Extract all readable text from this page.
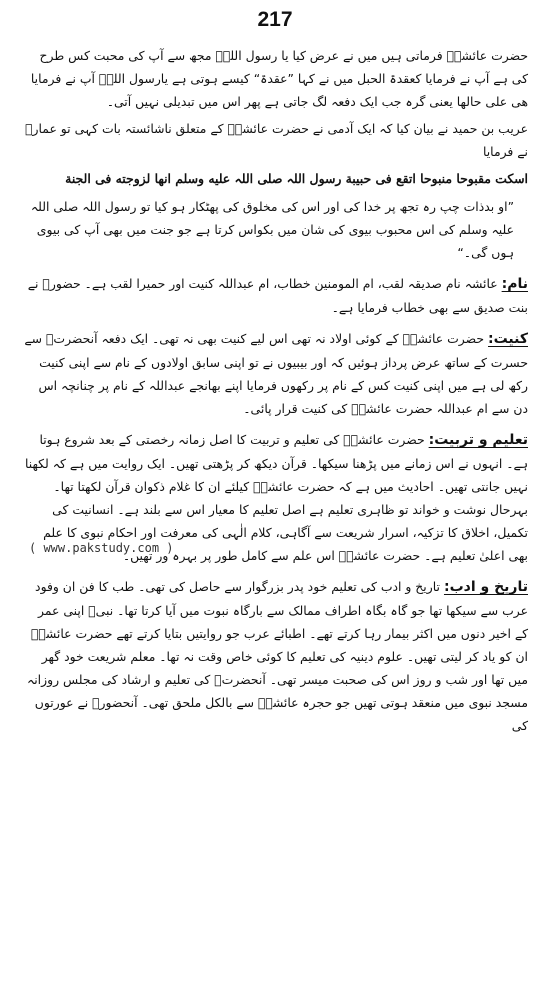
217

حضرت عائشہؓ فرماتی ہیں میں نے عرض کیا یا رسول اللہؐ مجھ سے آپ کی محبت کس طرح کی ہے آپ نے فرمایا کعقدۃ الحبل میں نے کہا ”عقدۃ“ کیسے ہوتی ہے یارسول اللہؐ آپ نے فرمایا ھی علی حالھا یعنی گرہ جب ایک دفعہ لگ جاتی ہے پھر اس میں تبدیلی نہیں آتی۔

عریب بن حمید نے بیان کیا کہ ایک آدمی نے حضرت عائشہؓ کے متعلق ناشائستہ بات کہی تو عمارؓ نے فرمایا

اسکت مقبوحا منبوحا اتقع فی حبیبة رسول اللہ صلی اللہ علیه وسلم انها لزوجته فی الجنة

”او بدذات چپ رہ تجھ پر خدا کی اور اس کی مخلوق کی پھٹکار ہو کیا تو رسول اللہ صلی اللہ علیہ وسلم کی اس محبوب بیوی کی شان میں بکواس کرتا ہے جو جنت میں بھی آپ کی بیوی ہوں گی۔“

نام:عائشہ نام صدیقہ لقب، ام المومنین خطاب، ام عبداللہ کنیت اور حمیرا لقب ہے۔ حضورؐ نے بنت صدیق سے بھی خطاب فرمایا ہے۔

کنیت:حضرت عائشہؓ کے کوئی اولاد نہ تھی اس لیے کنیت بھی نہ تھی۔ ایک دفعہ آنحضرتؐ سے حسرت کے ساتھ عرض پرداز ہوئیں کہ اور بیبیوں نے تو اپنی سابق اولادوں کے نام سے اپنی کنیت رکھ لی ہے میں اپنی کنیت کس کے نام پر رکھوں فرمایا اپنے بھانجے عبداللہ کے نام پر چنانچہ اس دن سے ام عبداللہ حضرت عائشہؓ کی کنیت قرار پائی۔

تعلیم و تربیت:حضرت عائشہؓ کی تعلیم و تربیت کا اصل زمانہ رخصتی کے بعد شروع ہوتا ہے۔ انہوں نے اس زمانے میں پڑھنا سیکھا۔ قرآن دیکھ کر پڑھتی تھیں۔ ایک روایت میں ہے کہ لکھنا نہیں جانتی تھیں۔ احادیث میں ہے کہ حضرت عائشہؓ کیلئے ان کا غلام ذکوان قرآن لکھتا تھا۔ بہرحال نوشت و خواند تو ظاہری تعلیم ہے اصل تعلیم کا معیار اس سے بلند ہے۔ انسانیت کی تکمیل، اخلاق کا تزکیہ، اسرار شریعت سے آگاہی، کلام الٰہی کی معرفت اور احکام نبوی کا علم بھی اعلیٰ تعلیم ہے۔ حضرت عائشہؓ اس علم سے کامل طور پر بہرہ ور تھیں۔

تاریخ و ادب:تاریخ و ادب کی تعلیم خود پدر بزرگوار سے حاصل کی تھی۔ طب کا فن ان وفود عرب سے سیکھا تھا جو گاہ بگاہ اطراف ممالک سے بارگاہ نبوت میں آیا کرتا تھا۔ نبیؐ اپنی عمر کے اخیر دنوں میں اکثر بیمار رہا کرتے تھے۔ اطبائے عرب جو روایتیں بتایا کرتے تھے حضرت عائشہؓ ان کو یاد کر لیتی تھیں۔ علوم دینیہ کی تعلیم کا کوئی خاص وقت نہ تھا۔ معلم شریعت خود گھر میں تھا اور شب و روز اس کی صحبت میسر تھی۔ آنحضرتؐ کی تعلیم و ارشاد کی مجلس روزانہ مسجد نبوی میں منعقد ہوتی تھیں جو حجرہ عائشہؓ سے بالکل ملحق تھی۔ آنحضورؐ نے عورتوں کی

( www.pakstudy.com )
